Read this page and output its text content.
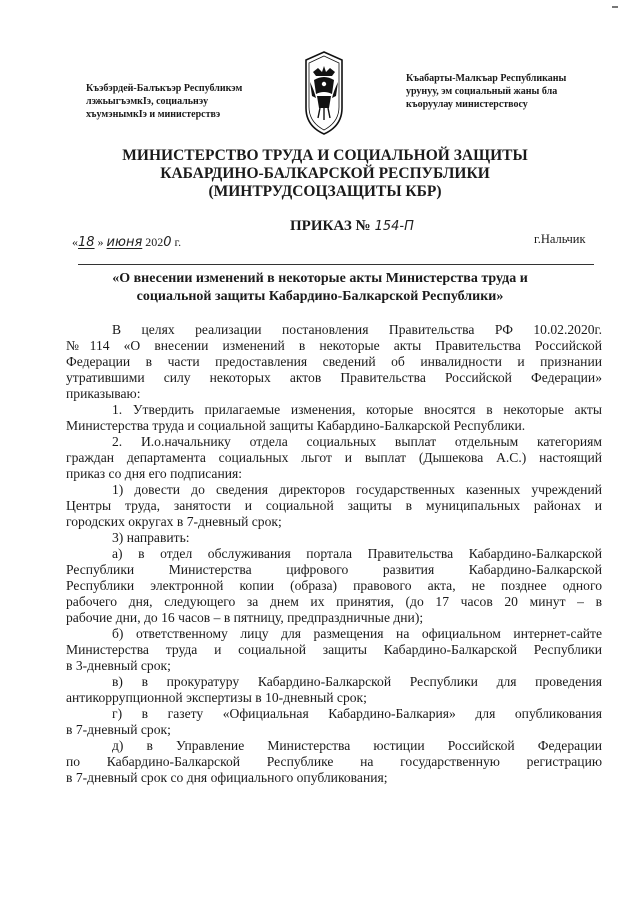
Къэбэрдей-Балъкъэр Республикэм
лэжьыгъэмкIэ, социальнэу
хъумэнымкIэ и министерствэ
Къабарты-Малкъар Республиканы
урунуу, эм социальный жаны бла
къоруулау министерствосу
МИНИСТЕРСТВО ТРУДА И СОЦИАЛЬНОЙ ЗАЩИТЫ
КАБАРДИНО-БАЛКАРСКОЙ РЕСПУБЛИКИ
(МИНТРУДСОЦЗАЩИТЫ КБР)
ПРИКАЗ № 154-П
«18 » июня 2020 г.	г.Нальчик
«О внесении изменений в некоторые акты Министерства труда и
социальной защиты Кабардино-Балкарской Республики»
В целях реализации постановления Правительства РФ 10.02.2020г.
№114 «О внесении изменений в некоторые акты Правительства Российской
Федерации в части предоставления сведений об инвалидности и признании
утратившими силу некоторых актов Правительства Российской Федерации»
приказываю:
1. Утвердить прилагаемые изменения, которые вносятся в некоторые акты
Министерства труда и социальной защиты Кабардино-Балкарской Республики.
2. И.о.начальнику отдела социальных выплат отдельным категориям
граждан департамента социальных льгот и выплат (Дышекова А.С.) настоящий
приказ со дня его подписания:
1) довести до сведения директоров государственных казенных учреждений
Центры труда, занятости и социальной защиты в муниципальных районах и
городских округах в 7-дневный срок;
3) направить:
а) в отдел обслуживания портала Правительства Кабардино-Балкарской
Республики Министерства цифрового развития Кабардино-Балкарской
Республики электронной копии (образа) правового акта, не позднее одного
рабочего дня, следующего за днем их принятия, (до 17 часов 20 минут – в
рабочие дни, до 16 часов – в пятницу, предпраздничные дни);
б) ответственному лицу для размещения на официальном интернет-сайте
Министерства труда и социальной защиты Кабардино-Балкарской Республики
в 3-дневный срок;
в) в прокуратуру Кабардино-Балкарской Республики для проведения
антикоррупционной экспертизы в 10-дневный срок;
г) в газету «Официальная Кабардино-Балкария» для опубликования
в 7-дневный срок;
д) в Управление Министерства юстиции Российской Федерации
по Кабардино-Балкарской Республике на государственную регистрацию
в 7-дневный срок со дня официального опубликования;
